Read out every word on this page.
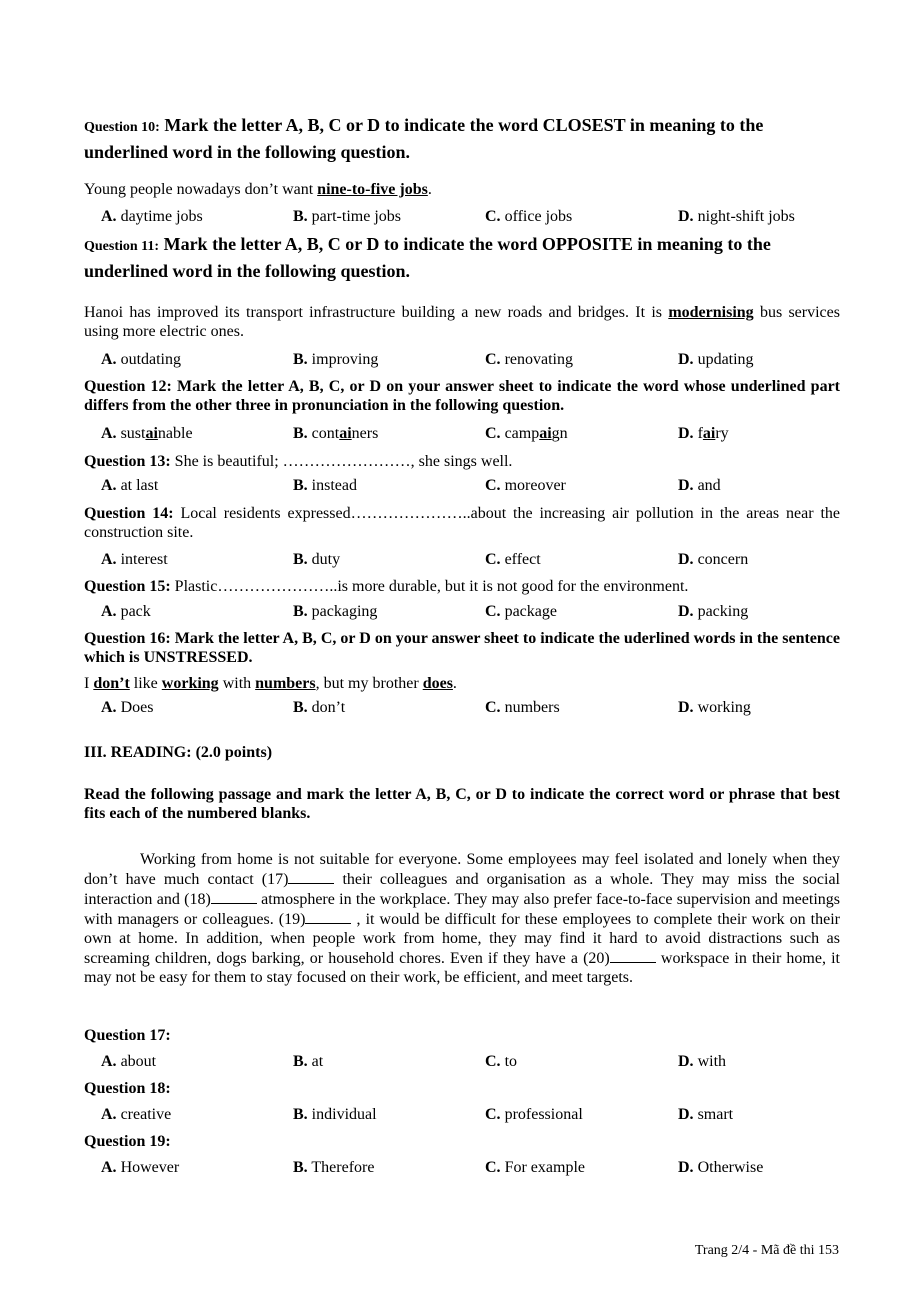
Question 10: Mark the letter A, B, C or D to indicate the word CLOSEST in meaning to the underlined word in the following question.
Young people nowadays don’t want nine-to-five jobs.
A. daytime jobs	B. part-time jobs	C. office jobs	D. night-shift jobs
Question 11: Mark the letter A, B, C or D to indicate the word OPPOSITE in meaning to the underlined word in the following question.
Hanoi has improved its transport infrastructure building a new roads and bridges. It is modernising bus services using more electric ones.
A. outdating	B. improving	C. renovating	D. updating
Question 12: Mark the letter A, B, C, or D on your answer sheet to indicate the word whose underlined part differs from the other three in pronunciation in the following question.
A. sustainable	B. containers	C. campaign	D. fairy
Question 13: She is beautiful; ……………………, she sings well.
A. at last	B. instead	C. moreover	D. and
Question 14: Local residents expressed…………………..about the increasing air pollution in the areas near the construction site.
A. interest	B. duty	C. effect	D. concern
Question 15: Plastic…………………..is more durable, but it is not good for the environment.
A. pack	B. packaging	C. package	D. packing
Question 16: Mark the letter A, B, C, or D on your answer sheet to indicate the uderlined words in the sentence which is UNSTRESSED.
I don’t like working with numbers, but my brother does.
A. Does	B. don’t	C. numbers	D. working
III. READING: (2.0 points)
Read the following passage and mark the letter A, B, C, or D to indicate the correct word or phrase that best fits each of the numbered blanks.
Working from home is not suitable for everyone. Some employees may feel isolated and lonely when they don’t have much contact (17)	their colleagues and organisation as a whole. They may miss the social interaction and (18)	atmosphere in the workplace. They may also prefer face-to-face supervision and meetings with managers or colleagues. (19)	, it would be difficult for these employees to complete their work on their own at home. In addition, when people work from home, they may find it hard to avoid distractions such as screaming children, dogs barking, or household chores. Even if they have a (20)	workspace in their home, it may not be easy for them to stay focused on their work, be efficient, and meet targets.
Question 17:
A. about	B. at	C. to	D. with
Question 18:
A. creative	B. individual	C. professional	D. smart
Question 19:
A. However	B. Therefore	C. For example	D. Otherwise
Trang 2/4 - Mã đề thi 153
